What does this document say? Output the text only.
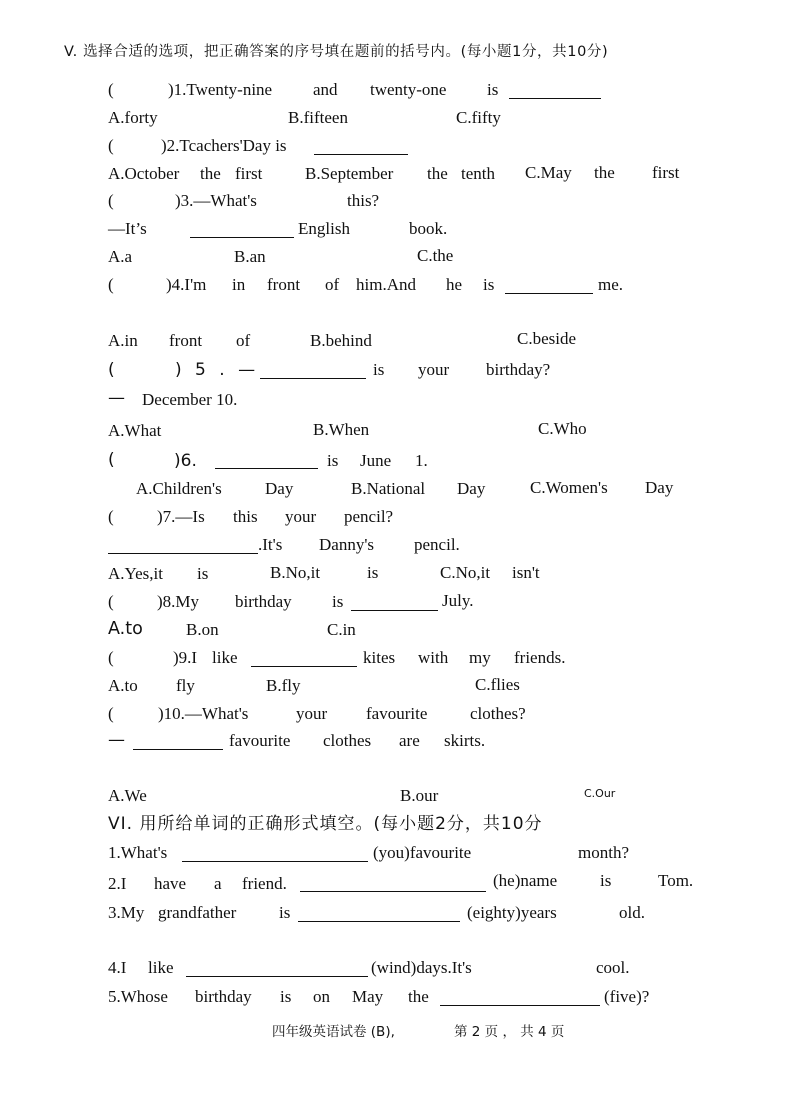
V. 选择合适的选项，把正确答案的序号填在题前的括号内。(每小题1分，共10分)
(	)1.Twenty-nine and twenty-one is
A.forty	B.fifteen	C.fifty
(	)2.Tcachers'Day is
A.October the first	B.September the tenth C.May the first
(	)3.—What's	this?
—It’s	English	book.
A.a	B.an	C.the
(	)4.I'm in front of him.And he is	me.
A.in front of	B.behind	C.beside
(	) 5 . —	is your birthday?
— December 10.
A.What	B.When	C.Who
(	)6.	is June 1.
A.Children's	Day	B.National Day	C.Women's Day
(	)7.—Is this your pencil?
.It's Danny's pencil.
A.Yes,it is	B.No,it	is	C.No,it isn't
(	)8.My birthday is	July.
A.to	B.on	C.in
(	)9.I like	kites with my friends.
A.to fly	B.fly	C.flies
(	)10.—What's	your favourite	clothes?
—	favourite clothes are skirts.
A.We	B.our	C.Our
VI. 用所给单词的正确形式填空。(每小题2分，共10分
1.What's	(you)favourite	month?
2.I have a friend.	(he)name	is	Tom.
3.My grandfather	is	(eighty)years	old.
4.I like	(wind)days.It's	cool.
5.Whose birthday is on May the	(five)?
四年级英语试卷 (B),	第 2 页 ， 共 4 页
